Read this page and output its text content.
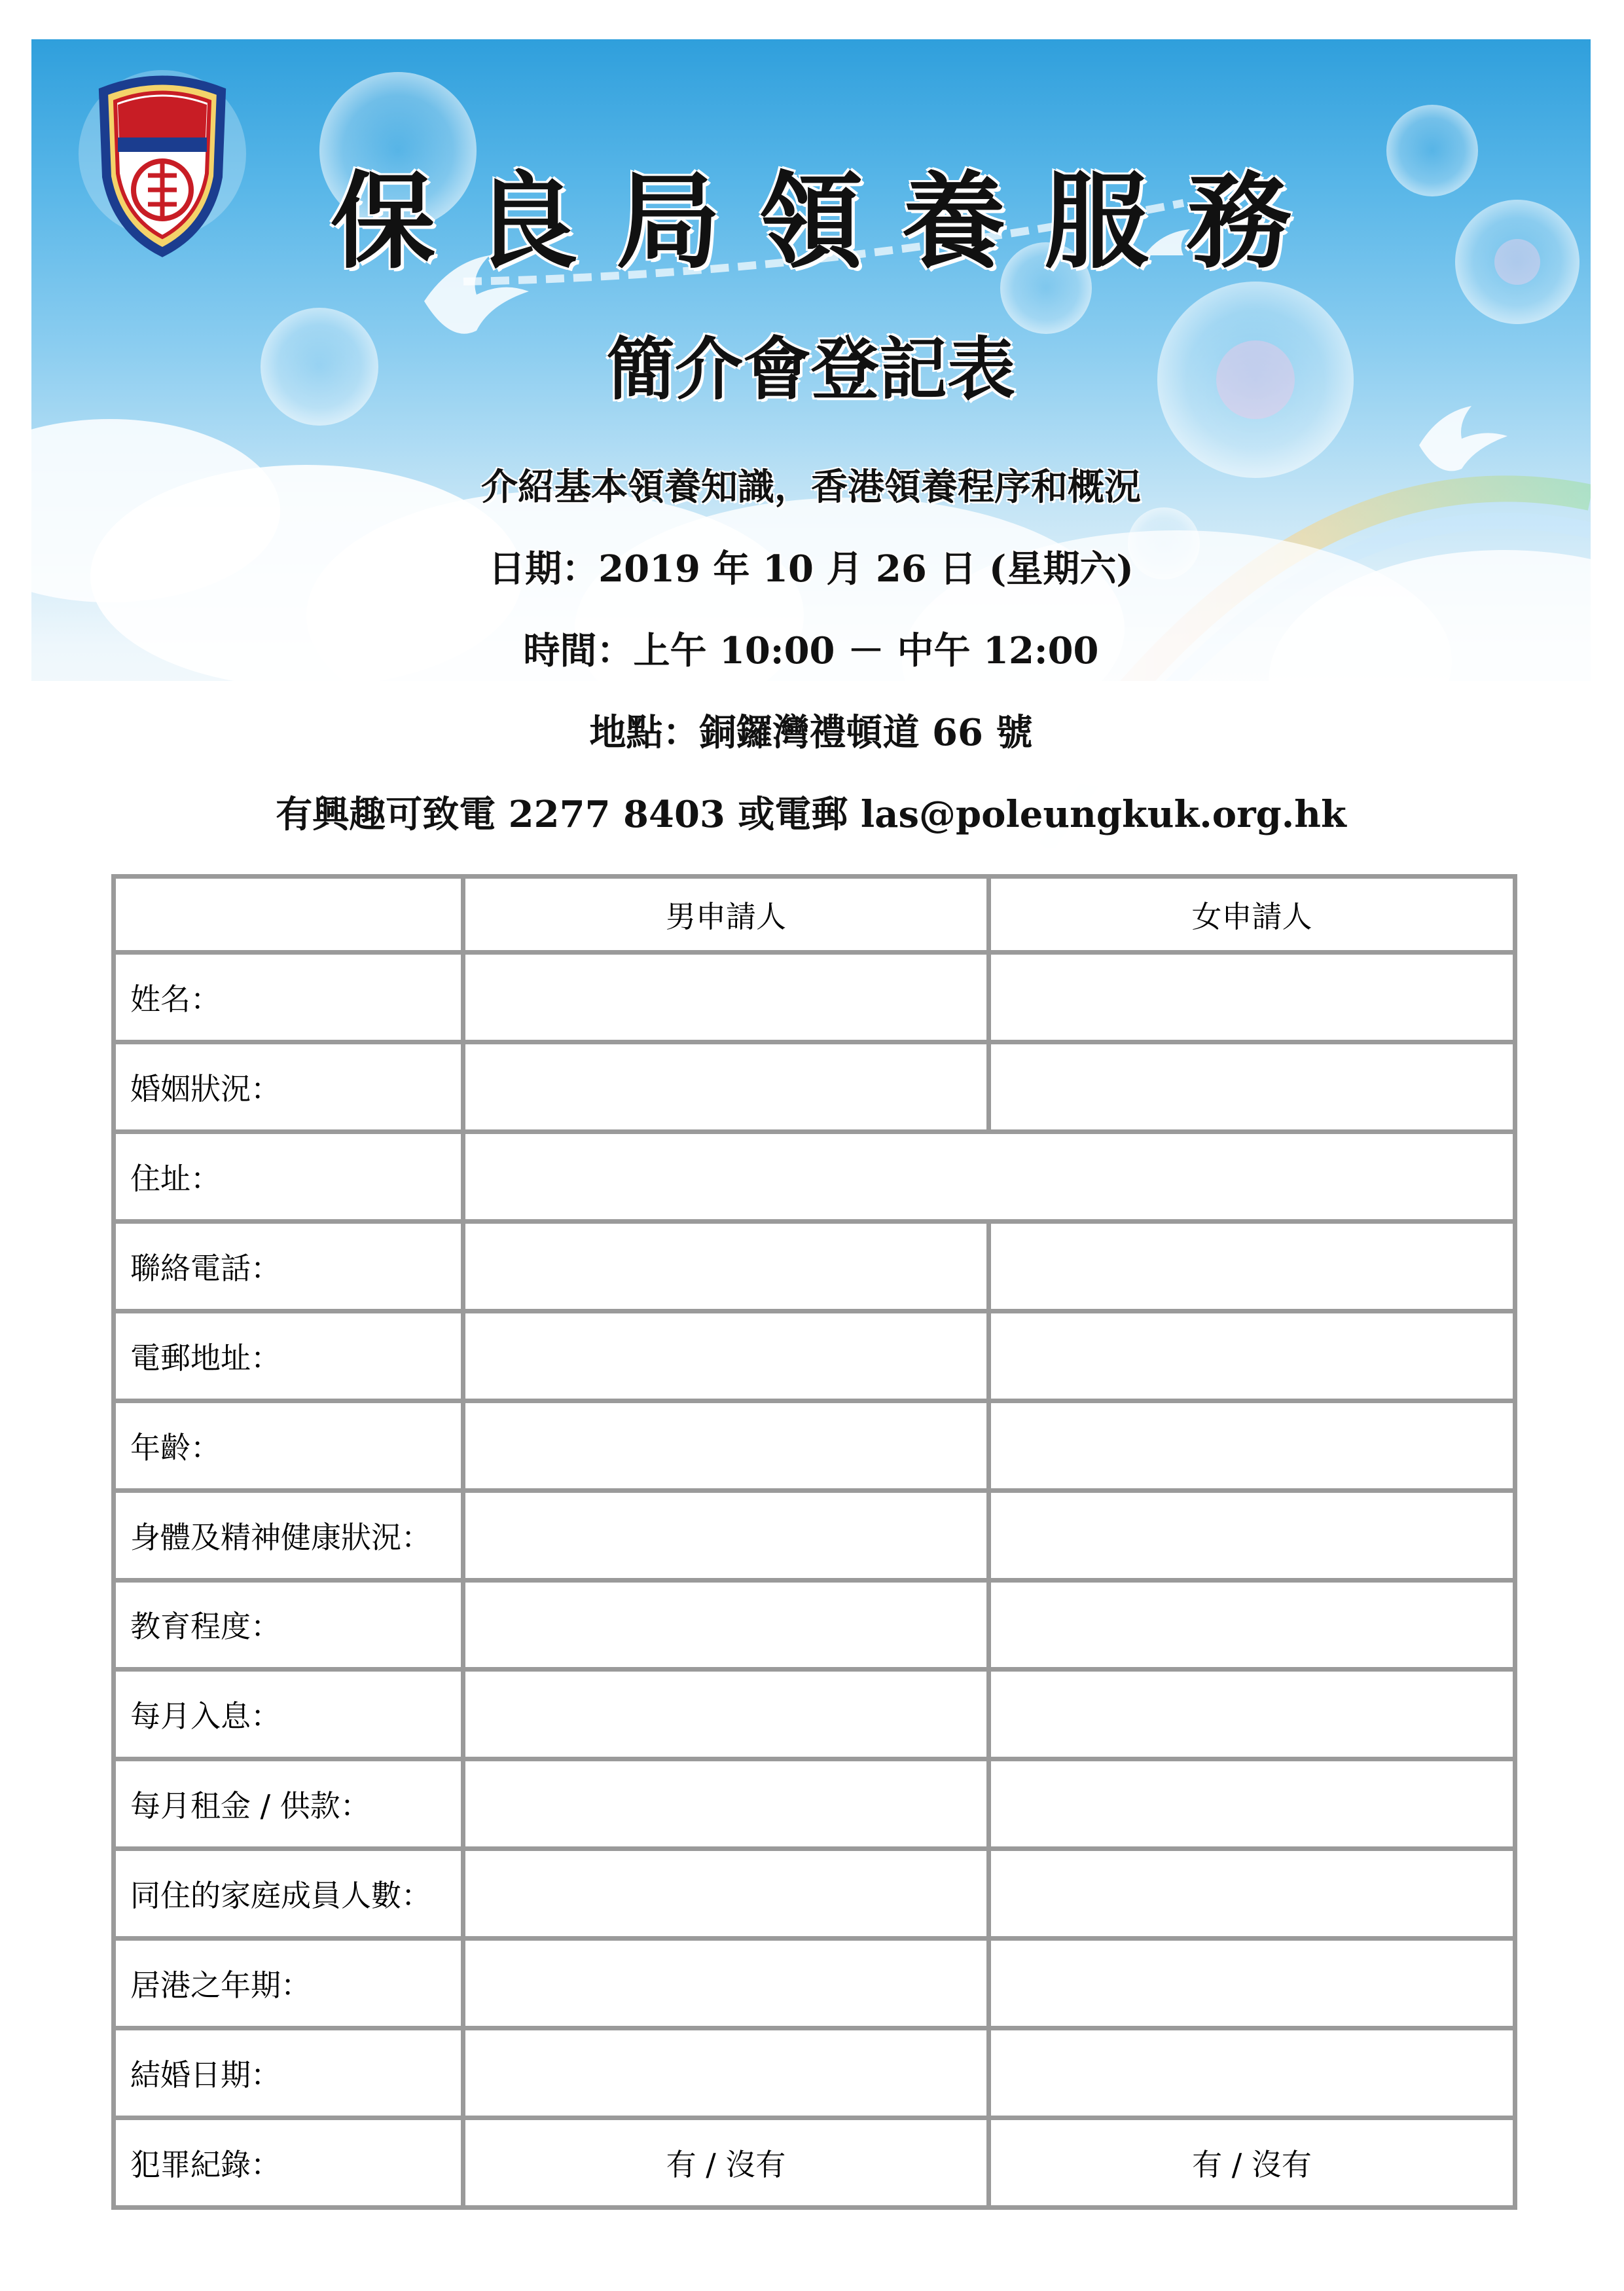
保良局領養服務
簡介會登記表
介紹基本領養知識，香港領養程序和概況
日期：2019 年 10 月 26 日 (星期六)
時間：上午 10:00 － 中午 12:00
地點：銅鑼灣禮頓道 66 號
有興趣可致電 2277 8403 或電郵 las@poleungkuk.org.hk
	男申請人	女申請人
姓名：		
婚姻狀況：		
住址：		
聯絡電話：		
電郵地址：		
年齡：		
身體及精神健康狀況：		
教育程度：		
每月入息：		
每月租金 / 供款：		
同住的家庭成員人數：		
居港之年期：		
結婚日期：		
犯罪紀錄：	有 / 沒有	有 / 沒有
